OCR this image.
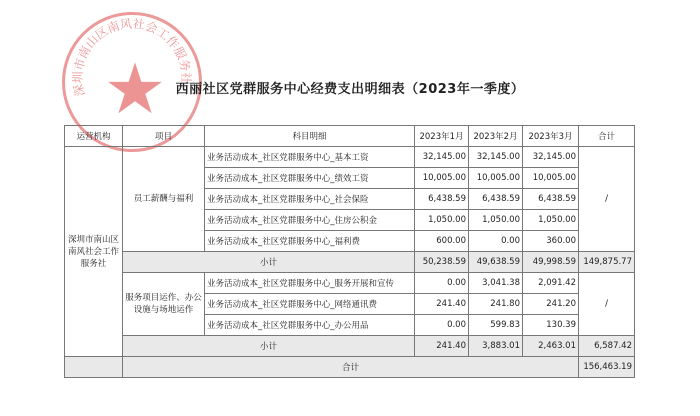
深圳市南山区南风社会工作服务社
★ 西丽社区党群服务中心经费支出明细表（2023年一季度）
运营机构	项目	科目明细	2023年1月	2023年2月	2023年3月	合计
深圳市南山区南风社会工作服务社	员工薪酬与福利	业务活动成本_社区党群服务中心_基本工资	32,145.00	32,145.00	32,145.00	/
		业务活动成本_社区党群服务中心_绩效工资	10,005.00	10,005.00	10,005.00	
		业务活动成本_社区党群服务中心_社会保险	6,438.59	6,438.59	6,438.59	
		业务活动成本_社区党群服务中心_住房公积金	1,050.00	1,050.00	1,050.00	
		业务活动成本_社区党群服务中心_福利费	600.00	0.00	360.00	
	小计		50,238.59	49,638.59	49,998.59	149,875.77
	服务项目运作、办公设施与场地运作	业务活动成本_社区党群服务中心_服务开展和宣传	0.00	3,041.38	2,091.42	/
		业务活动成本_社区党群服务中心_网络通讯费	241.40	241.80	241.20	
		业务活动成本_社区党群服务中心_办公用品	0.00	599.83	130.39	
	小计		241.40	3,883.01	2,463.01	6,587.42
	合计					156,463.19
